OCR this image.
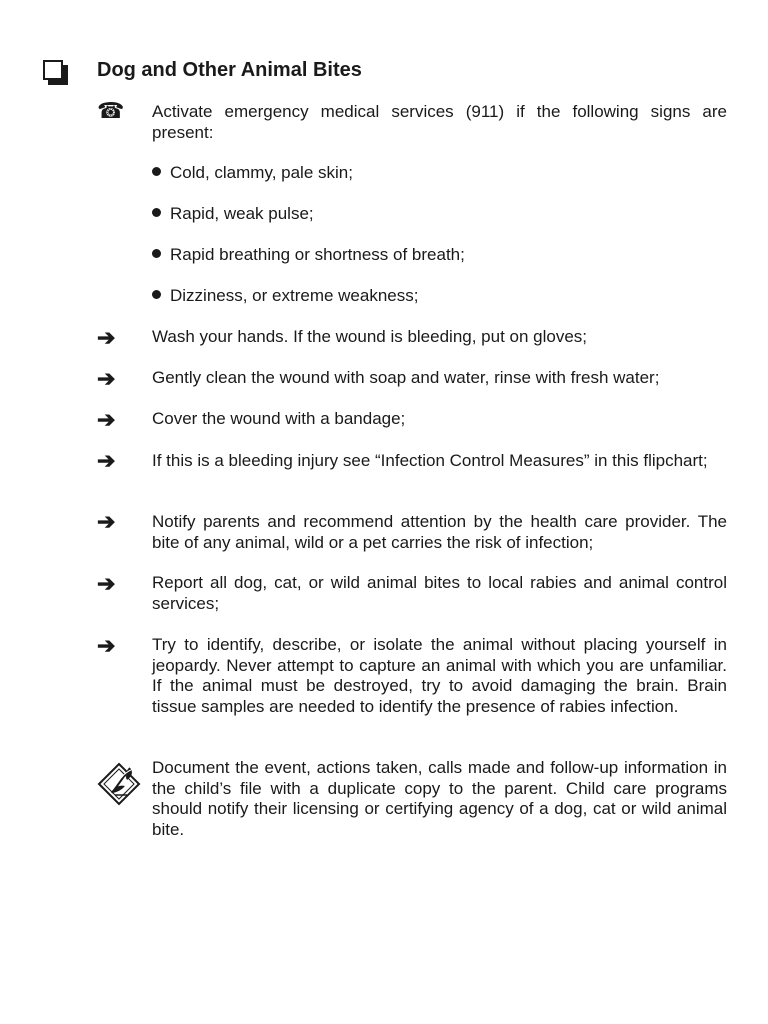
Dog and Other Animal Bites
☎ Activate emergency medical services (911) if the following signs are present:

Cold, clammy, pale skin;
Rapid, weak pulse;
Rapid breathing or shortness of breath;
Dizziness, or extreme weakness;
➔	Wash your hands. If the wound is bleeding, put on gloves;

➔	Gently clean the wound with soap and water, rinse with fresh water;

➔	Cover the wound with a bandage;

➔	If this is a bleeding injury see “Infection Control Measures” in this flipchart;

➔	Notify parents and recommend attention by the health care provider. The bite of any animal, wild or a pet carries the risk of infection;

➔	Report all dog, cat, or wild animal bites to local rabies and animal control services;

➔	Try to identify, describe, or isolate the animal without placing yourself in jeopardy. Never attempt to capture an animal with which you are unfamiliar. If the animal must be destroyed, try to avoid damaging the brain. Brain tissue samples are needed to identify the presence of rabies infection.

Document the event, actions taken, calls made and follow-up information in the child’s file with a duplicate copy to the parent. Child care programs should notify their licensing or certifying agency of a dog, cat or wild animal bite.
